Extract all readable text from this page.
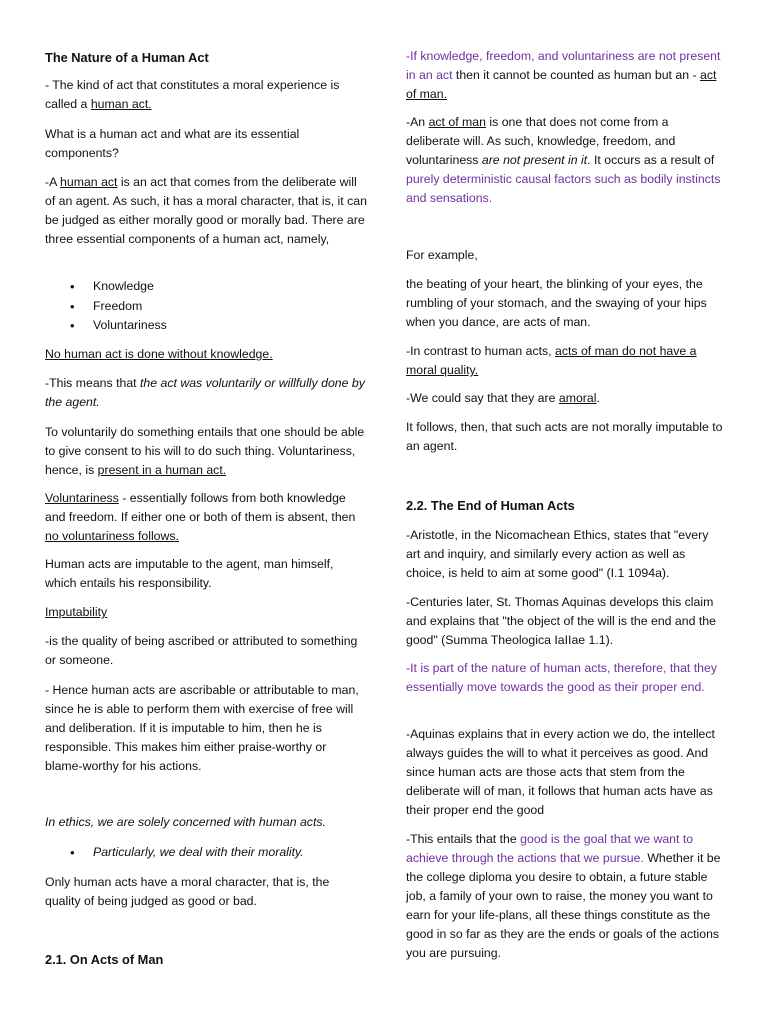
The Nature of a Human Act

- The kind of act that constitutes a moral experience is called a human act.

What is a human act and what are its essential components?

-A human act is an act that comes from the deliberate will of an agent. As such, it has a moral character, that is, it can be judged as either morally good or morally bad. There are three essential components of a human act, namely,

• Knowledge
• Freedom
• Voluntariness

No human act is done without knowledge.

-This means that the act was voluntarily or willfully done by the agent.

To voluntarily do something entails that one should be able to give consent to his will to do such thing. Voluntariness, hence, is present in a human act.

Voluntariness - essentially follows from both knowledge and freedom. If either one or both of them is absent, then no voluntariness follows.

Human acts are imputable to the agent, man himself, which entails his responsibility.

Imputability

-is the quality of being ascribed or attributed to something or someone.

- Hence human acts are ascribable or attributable to man, since he is able to perform them with exercise of free will and deliberation. If it is imputable to him, then he is responsible. This makes him either praise-worthy or blame-worthy for his actions.

In ethics, we are solely concerned with human acts.

• Particularly, we deal with their morality.

Only human acts have a moral character, that is, the quality of being judged as good or bad.

2.1. On Acts of Man

-If knowledge, freedom, and voluntariness are not present in an act then it cannot be counted as human but an - act of man.

-An act of man is one that does not come from a deliberate will. As such, knowledge, freedom, and voluntariness are not present in it. It occurs as a result of purely deterministic causal factors such as bodily instincts and sensations.

For example,

the beating of your heart, the blinking of your eyes, the rumbling of your stomach, and the swaying of your hips when you dance, are acts of man.

-In contrast to human acts, acts of man do not have a moral quality.

-We could say that they are amoral.

It follows, then, that such acts are not morally imputable to an agent.

2.2. The End of Human Acts

-Aristotle, in the Nicomachean Ethics, states that "every art and inquiry, and similarly every action as well as choice, is held to aim at some good" (I.1 1094a).

-Centuries later, St. Thomas Aquinas develops this claim and explains that "the object of the will is the end and the good" (Summa Theologica IaIIae 1.1).

-It is part of the nature of human acts, therefore, that they essentially move towards the good as their proper end.

-Aquinas explains that in every action we do, the intellect always guides the will to what it perceives as good. And since human acts are those acts that stem from the deliberate will of man, it follows that human acts have as their proper end the good

-This entails that the good is the goal that we want to achieve through the actions that we pursue. Whether it be the college diploma you desire to obtain, a future stable job, a family of your own to raise, the money you want to earn for your life-plans, all these things constitute as the good in so far as they are the ends or goals of the actions you are pursuing.
